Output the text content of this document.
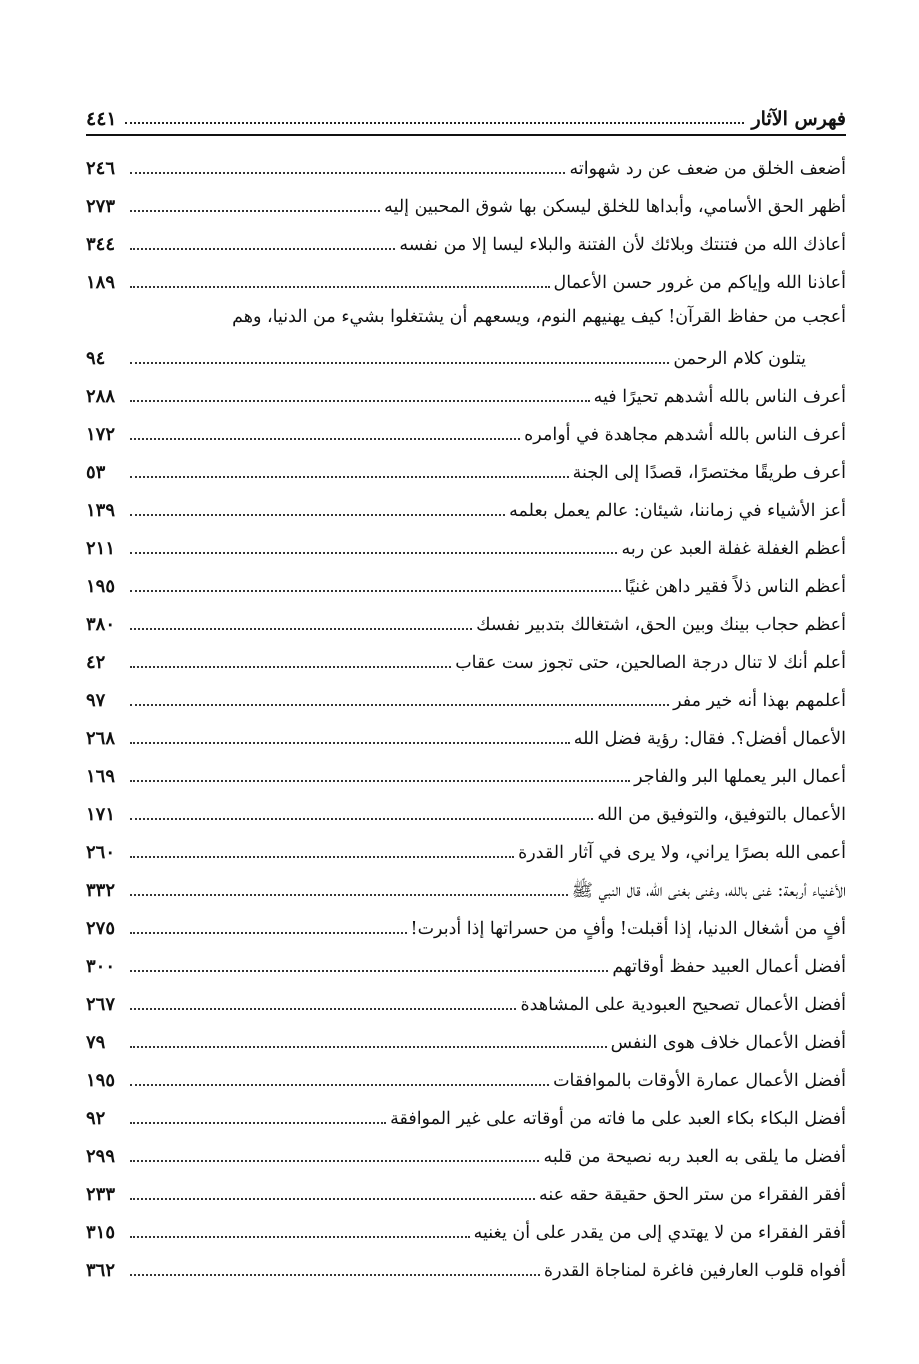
فهرس الآثار
٤٤١
أضعف الخلق من ضعف عن رد شهواته
٢٤٦
أظهر الحق الأسامي، وأبداها للخلق ليسكن بها شوق المحبين إليه
٢٧٣
أعاذك الله من فتنتك وبلائك لأن الفتنة والبلاء ليسا إلا من نفسه
٣٤٤
أعاذنا الله وإياكم من غرور حسن الأعمال
١٨٩
أعجب من حفاظ القرآن! كيف يهنيهم النوم، ويسعهم أن يشتغلوا بشيء من الدنيا، وهم
يتلون كلام الرحمن
٩٤
أعرف الناس بالله أشدهم تحيرًا فيه
٢٨٨
أعرف الناس بالله أشدهم مجاهدة في أوامره
١٧٢
أعرف طريقًا مختصرًا، قصدًا إلى الجنة
٥٣
أعز الأشياء في زماننا، شيئان: عالم يعمل بعلمه
١٣٩
أعظم الغفلة غفلة العبد عن ربه
٢١١
أعظم الناس ذلاً فقير داهن غنيًا
١٩٥
أعظم حجاب بينك وبين الحق، اشتغالك بتدبير نفسك
٣٨٠
أعلم أنك لا تنال درجة الصالحين، حتى تجوز ست عقاب
٤٢
أعلمهم بهذا أنه خير مفر
٩٧
الأعمال أفضل؟. فقال: رؤية فضل الله
٢٦٨
أعمال البر يعملها البر والفاجر
١٦٩
الأعمال بالتوفيق، والتوفيق من الله
١٧١
أعمى الله بصرًا يراني، ولا يرى في آثار القدرة
٢٦٠
الأغنياء أربعة: غنى بالله، وغنى بغنى الله، قال النبي ﷺ
٣٣٢
أفٍ من أشغال الدنيا، إذا أقبلت! وأفٍ من حسراتها إذا أدبرت!
٢٧٥
أفضل أعمال العبيد حفظ أوقاتهم
٣٠٠
أفضل الأعمال تصحيح العبودية على المشاهدة
٢٦٧
أفضل الأعمال خلاف هوى النفس
٧٩
أفضل الأعمال عمارة الأوقات بالموافقات
١٩٥
أفضل البكاء بكاء العبد على ما فاته من أوقاته على غير الموافقة
٩٢
أفضل ما يلقى به العبد ربه نصيحة من قلبه
٢٩٩
أفقر الفقراء من ستر الحق حقيقة حقه عنه
٢٣٣
أفقر الفقراء من لا يهتدي إلى من يقدر على أن يغنيه
٣١٥
أفواه قلوب العارفين فاغرة لمناجاة القدرة
٣٦٢
